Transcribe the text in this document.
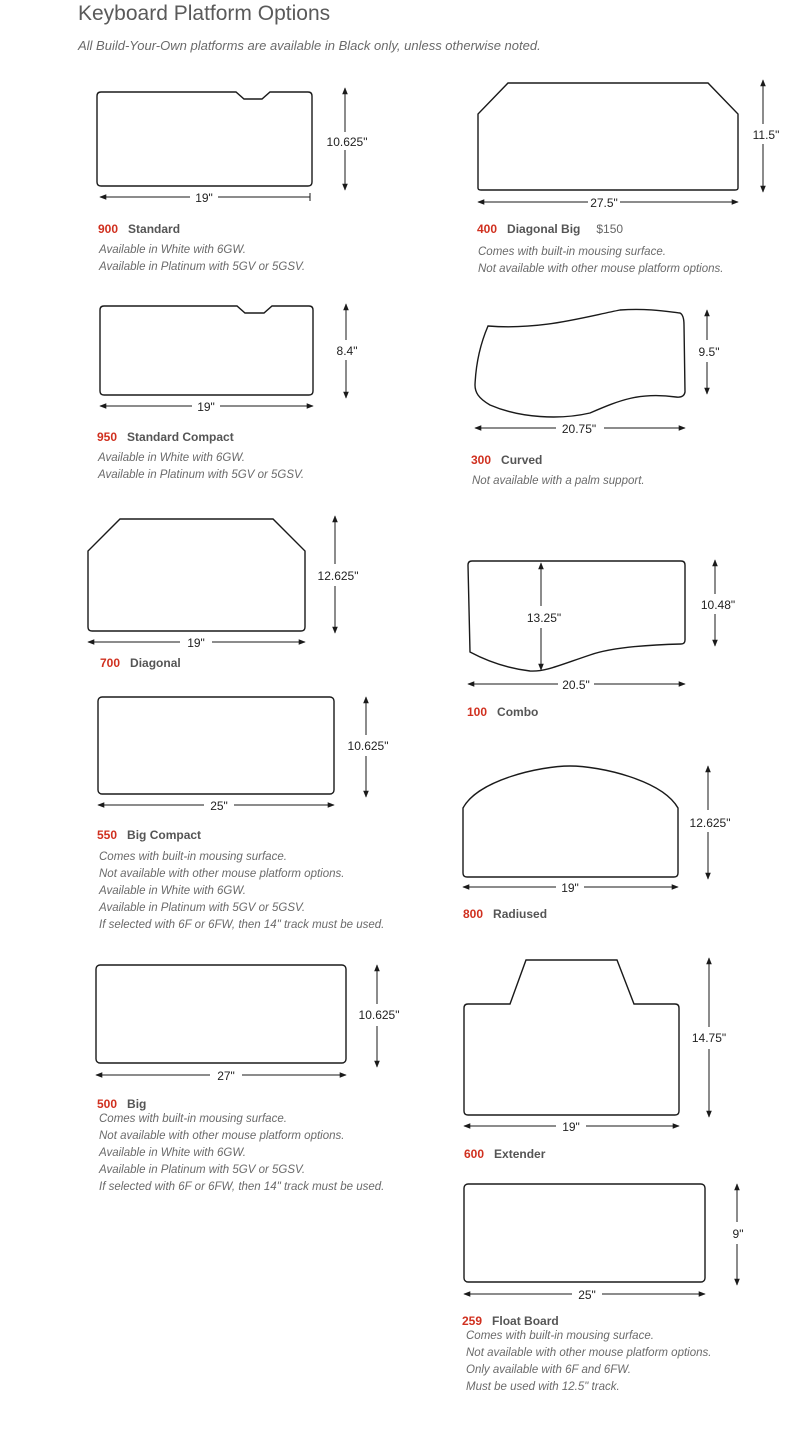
Keyboard Platform Options

All Build-Your-Own platforms are available in Black only, unless otherwise noted.

19"
10.625"
27.5"
11.5"
19"
8.4"
20.75"
9.5"
19"
12.625"
13.25"
20.5"
10.48"
25"
10.625"
19"
12.625"
27"
10.625"
19"
14.75"
25"
9"
900 Standard
Available in White with 6GW.
Available in Platinum with 5GV or 5GSV.
400 Diagonal Big $150
Comes with built-in mousing surface.
Not available with other mouse platform options.
950 Standard Compact
Available in White with 6GW.
Available in Platinum with 5GV or 5GSV.
300 Curved
Not available with a palm support.
700 Diagonal
100 Combo
550 Big Compact
Comes with built-in mousing surface.
Not available with other mouse platform options.
Available in White with 6GW.
Available in Platinum with 5GV or 5GSV.
If selected with 6F or 6FW, then 14" track must be used.
800 Radiused
500 Big
Comes with built-in mousing surface.
Not available with other mouse platform options.
Available in White with 6GW.
Available in Platinum with 5GV or 5GSV.
If selected with 6F or 6FW, then 14" track must be used.
600 Extender
259 Float Board
Comes with built-in mousing surface.
Not available with other mouse platform options.
Only available with 6F and 6FW.
Must be used with 12.5" track.
